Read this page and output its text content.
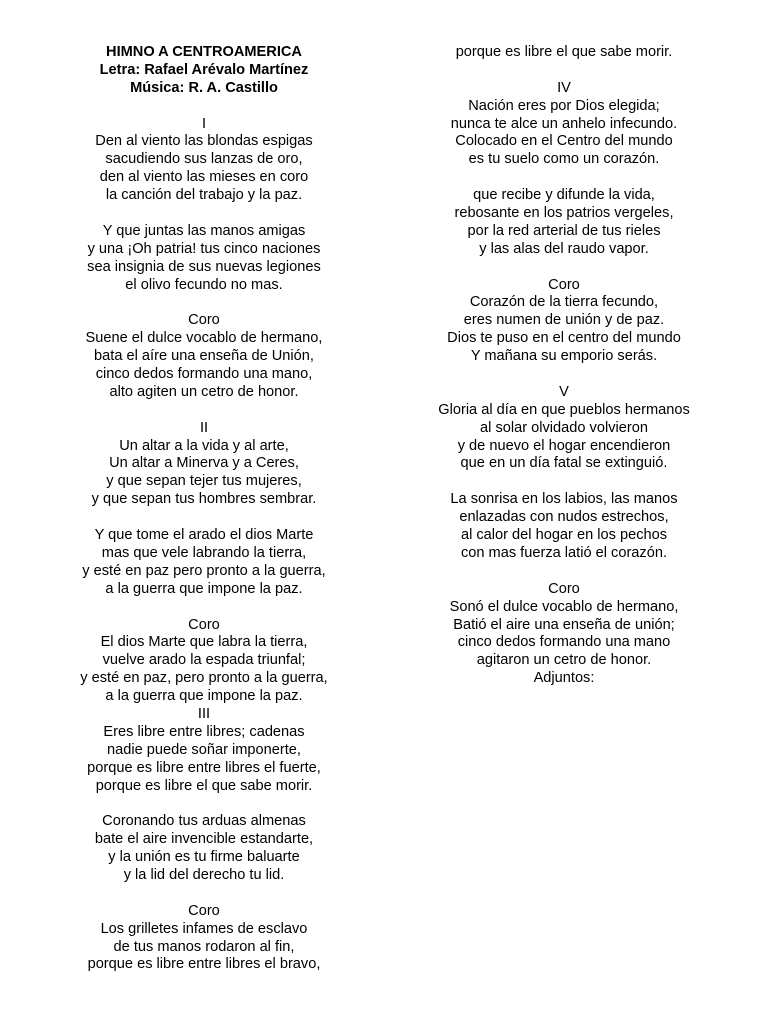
HIMNO A CENTROAMERICA
Letra: Rafael Arévalo Martínez
Música: R. A. Castillo
I
Den al viento las blondas espigas
sacudiendo sus lanzas de oro,
den al viento las mieses en coro
la canción del trabajo y la paz.
Y que juntas las manos amigas
y una ¡Oh patria! tus cinco naciones
sea insignia de sus nuevas legiones
el olivo fecundo no mas.
Coro
Suene el dulce vocablo de hermano,
bata el aíre una enseña de Unión,
cinco dedos formando una mano,
alto agiten un cetro de honor.
II
Un altar a la vida y al arte,
Un altar a Minerva y a Ceres,
y que sepan tejer tus mujeres,
y que sepan tus hombres sembrar.
Y que tome el arado el dios Marte
mas que vele labrando la tierra,
y esté en paz pero pronto a la guerra,
a la guerra que impone la paz.
Coro
El dios Marte que labra la tierra,
vuelve arado la espada triunfal;
y esté en paz, pero pronto a la guerra,
a la guerra que impone la paz.
III
Eres libre entre libres; cadenas
nadie puede soñar imponerte,
porque es libre entre libres el fuerte,
porque es libre el que sabe morir.
Coronando tus arduas almenas
bate el aire invencible estandarte,
y la unión es tu firme baluarte
y la lid del derecho tu lid.
Coro
Los grilletes infames de esclavo
de tus manos rodaron al fin,
porque es libre entre libres el bravo,
porque es libre el que sabe morir.
IV
Nación eres por Dios elegida;
nunca te alce un anhelo infecundo.
Colocado en el Centro del mundo
es tu suelo como un corazón.
que recibe y difunde la vida,
rebosante en los patrios vergeles,
por la red arterial de tus rieles
y las alas del raudo vapor.
Coro
Corazón de la tierra fecundo,
eres numen de unión y de paz.
Dios te puso en el centro del mundo
Y mañana su emporio serás.
V
Gloria al día en que pueblos hermanos
al solar olvidado volvieron
y de nuevo el hogar encendieron
que en un día fatal se extinguió.
La sonrisa en los labios, las manos
enlazadas con nudos estrechos,
al calor del hogar en los pechos
con mas fuerza latió el corazón.
Coro
Sonó el dulce vocablo de hermano,
Batió el aire una enseña de unión;
cinco dedos formando una mano
agitaron un cetro de honor.
Adjuntos:
